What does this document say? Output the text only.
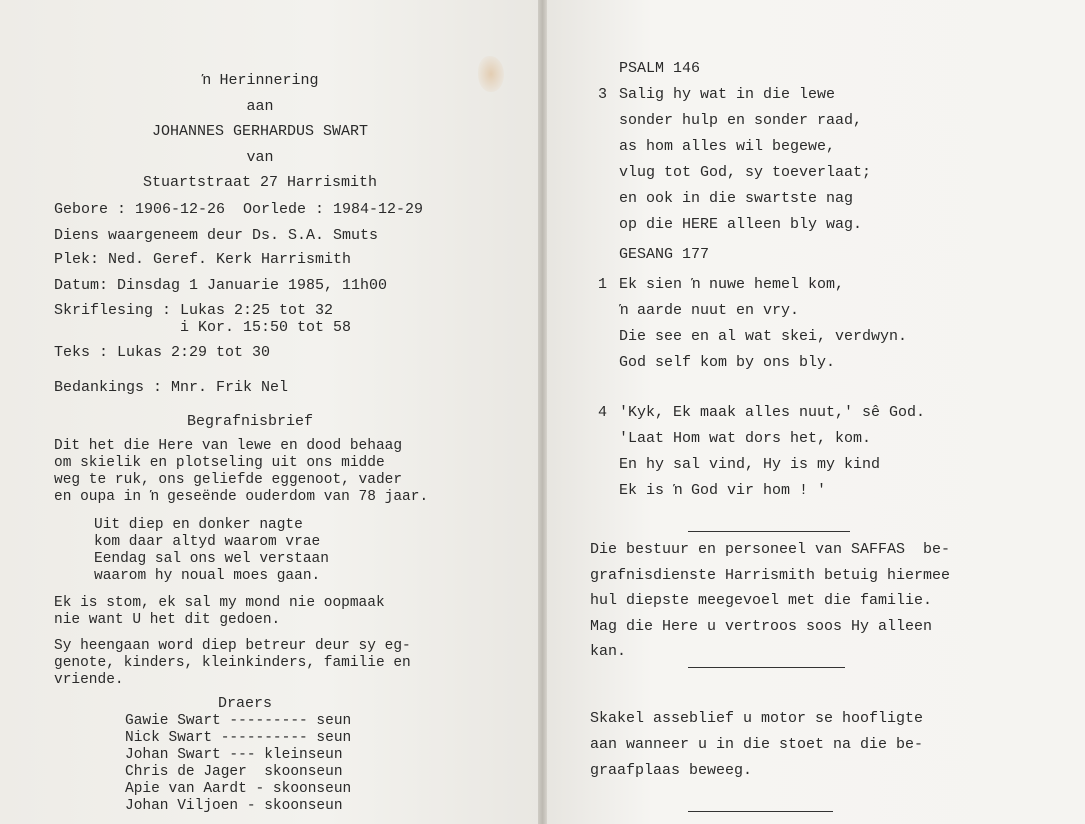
ŉ Herinnering
aan
JOHANNES GERHARDUS SWART
van
Stuartstraat 27 Harrismith
Gebore : 1906-12-26  Oorlede : 1984-12-29
Diens waargeneem deur Ds. S.A. Smuts
Plek: Ned. Geref. Kerk Harrismith
Datum: Dinsdag 1 Januarie 1985, 11h00
Skriflesing : Lukas 2:25 tot 32
i Kor. 15:50 tot 58
Teks : Lukas 2:29 tot 30
Bedankings : Mnr. Frik Nel
Begrafnisbrief
Dit het die Here van lewe en dood behaag
om skielik en plotseling uit ons midde
weg te ruk, ons geliefde eggenoot, vader
en oupa in ŉ geseënde ouderdom van 78 jaar.
Uit diep en donker nagte
kom daar altyd waarom vrae
Eendag sal ons wel verstaan
waarom hy noual moes gaan.
Ek is stom, ek sal my mond nie oopmaak
nie want U het dit gedoen.
Sy heengaan word diep betreur deur sy eg-
genote, kinders, kleinkinders, familie en
vriende.
Draers
Gawie Swart --------- seun
Nick Swart ---------- seun
Johan Swart --- kleinseun
Chris de Jager  skoonseun
Apie van Aardt - skoonseun
Johan Viljoen - skoonseun
PSALM 146
3 Salig hy wat in die lewe
sonder hulp en sonder raad,
as hom alles wil begewe,
vlug tot God, sy toeverlaat;
en ook in die swartste nag
op die HERE alleen bly wag.
GESANG 177
1 Ek sien ŉ nuwe hemel kom,
ŉ aarde nuut en vry.
Die see en al wat skei, verdwyn.
God self kom by ons bly.
4 'Kyk, Ek maak alles nuut,' sê God.
'Laat Hom wat dors het, kom.
En hy sal vind, Hy is my kind
Ek is ŉ God vir hom ! '
Die bestuur en personeel van SAFFAS  be-
grafnisdienste Harrismith betuig hiermee
hul diepste meegevoel met die familie.
Mag die Here u vertroos soos Hy alleen
kan.
Skakel asseblief u motor se hoofligte
aan wanneer u in die stoet na die be-
graafplaas beweeg.
